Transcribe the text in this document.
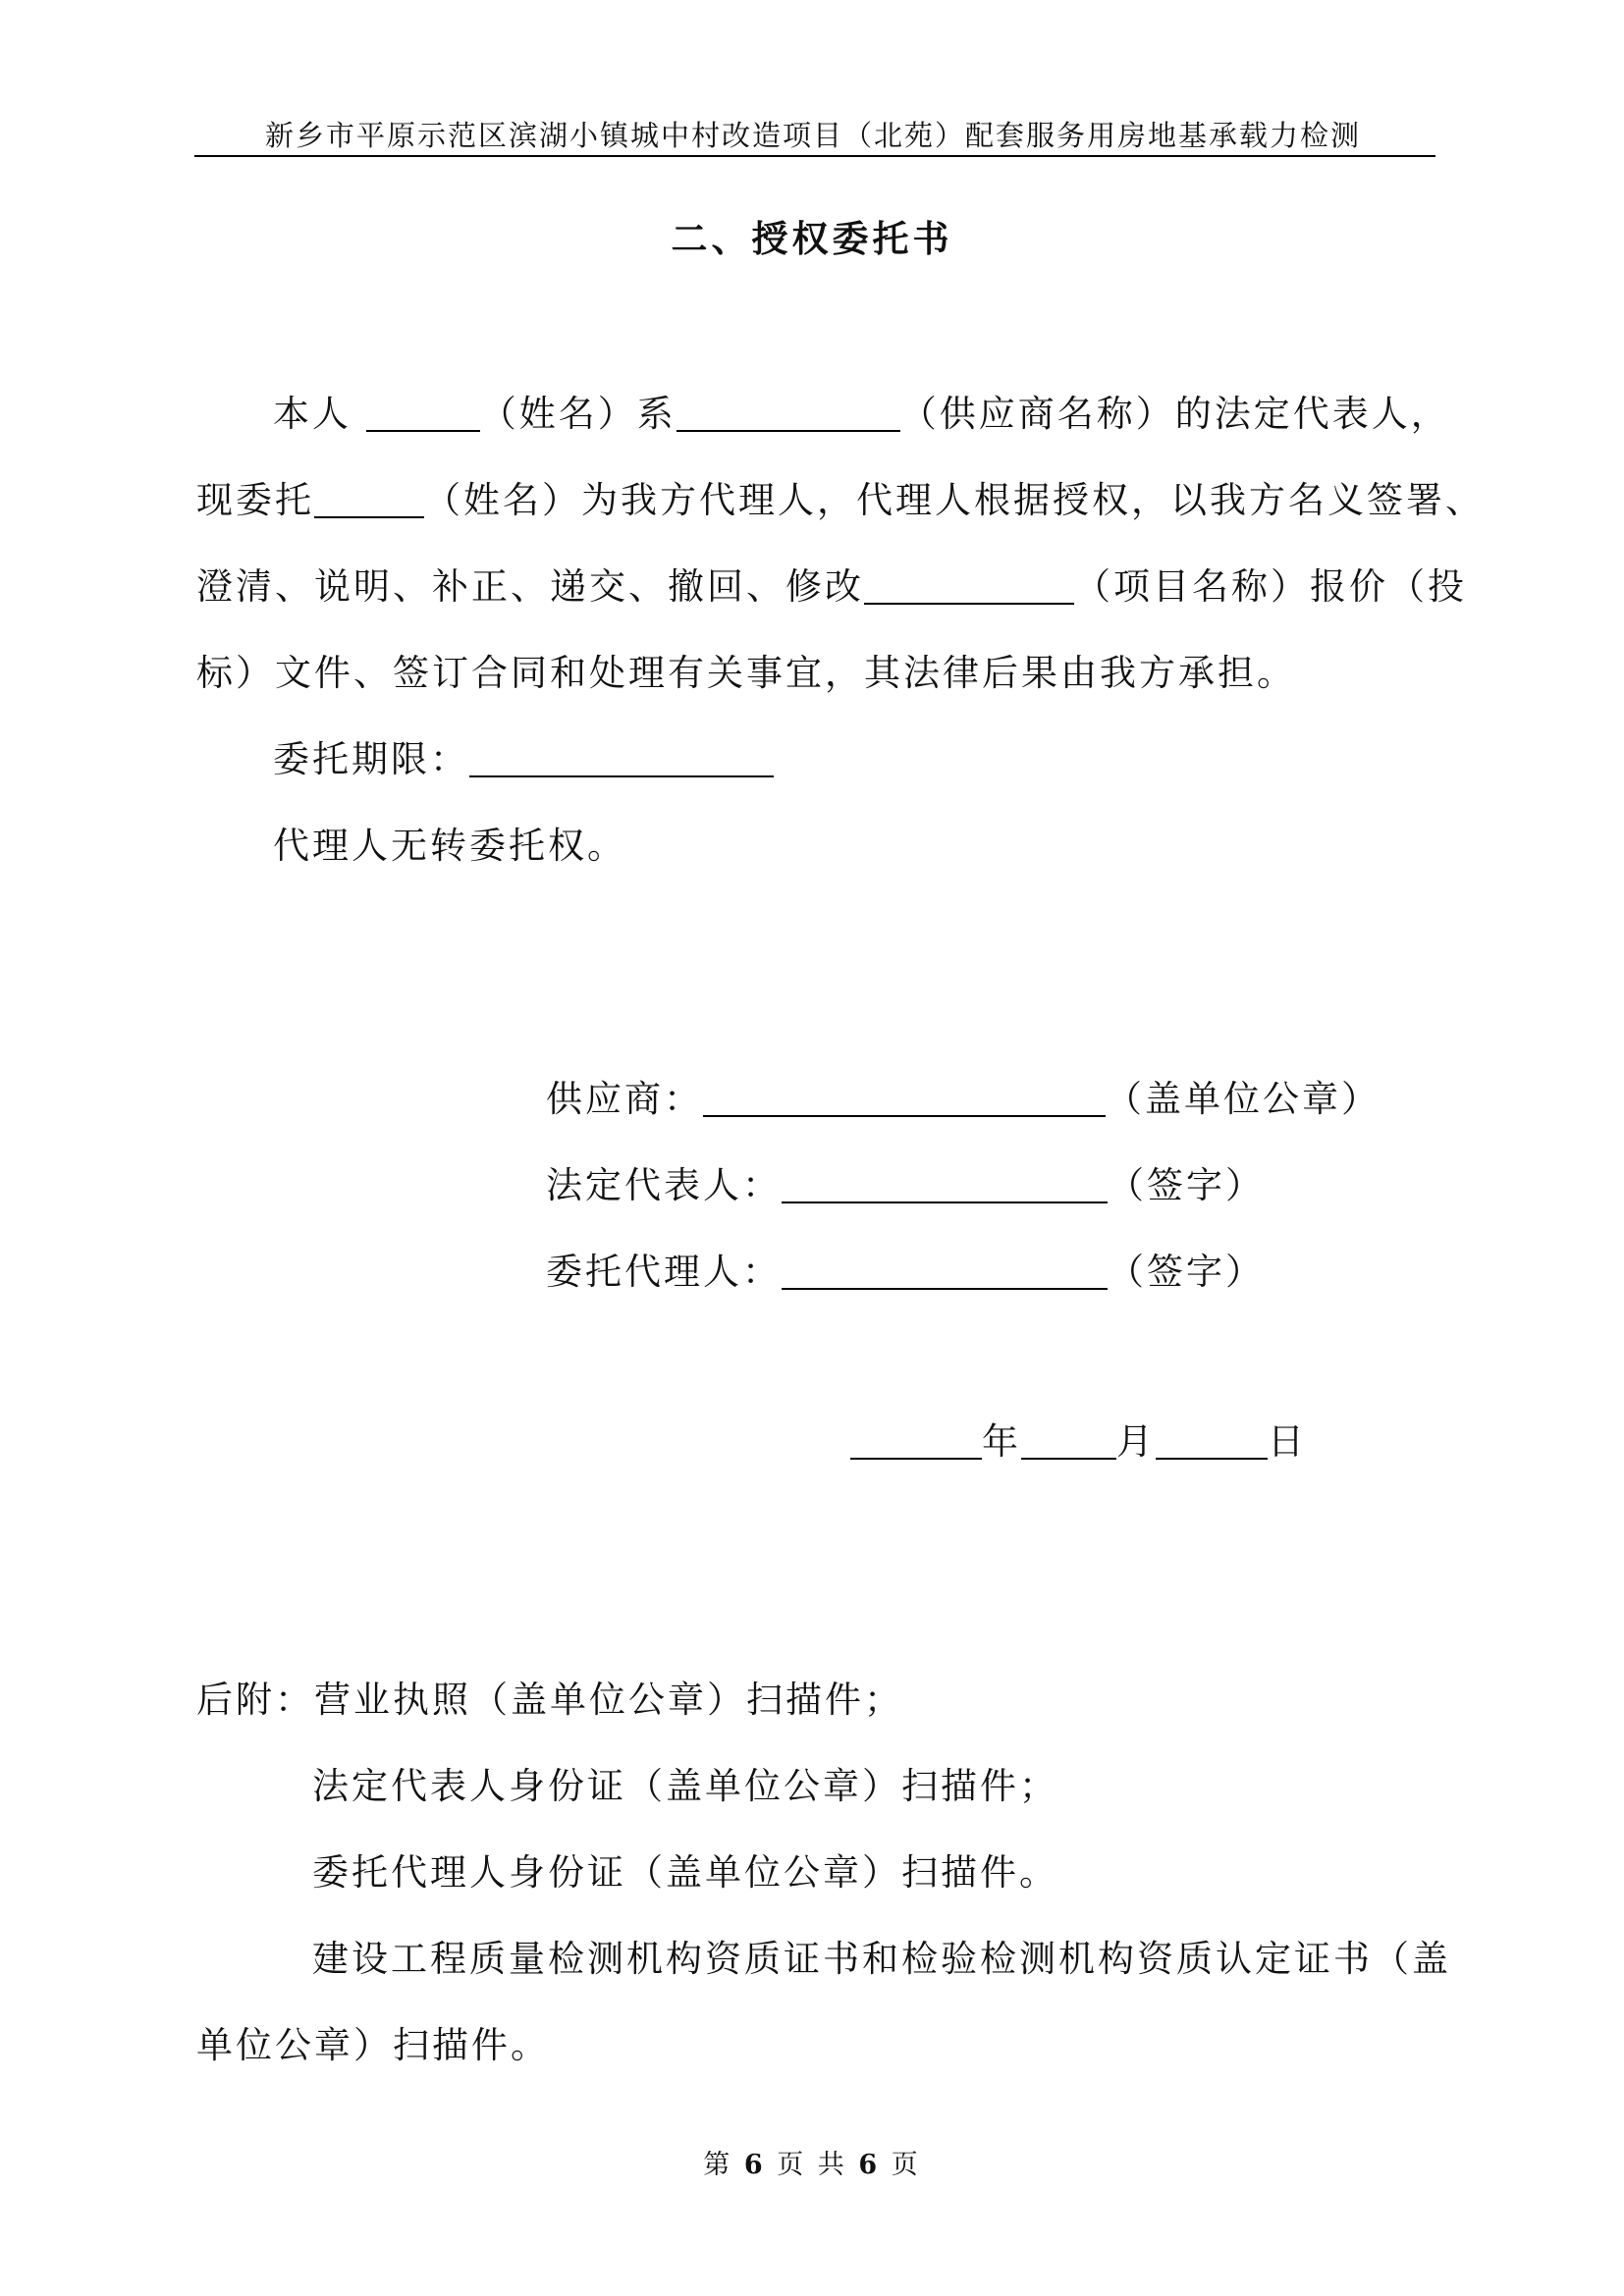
新乡市平原示范区滨湖小镇城中村改造项目（北苑）配套服务用房地基承载力检测
二、授权委托书
本人	（姓名）系	（供应商名称）的法定代表人，
现委托	（姓名）为我方代理人，代理人根据授权，以我方名义签署、
澄清、说明、补正、递交、撤回、修改	（项目名称）报价（投
标）文件、签订合同和处理有关事宜，其法律后果由我方承担。
委托期限：
代理人无转委托权。
供应商：	（盖单位公章）
法定代表人：	（签字）
委托代理人：	（签字）
年	月	日
后附：营业执照（盖单位公章）扫描件；
法定代表人身份证（盖单位公章）扫描件；
委托代理人身份证（盖单位公章）扫描件。
建设工程质量检测机构资质证书和检验检测机构资质认定证书（盖
单位公章）扫描件。
第 6 页 共 6 页
